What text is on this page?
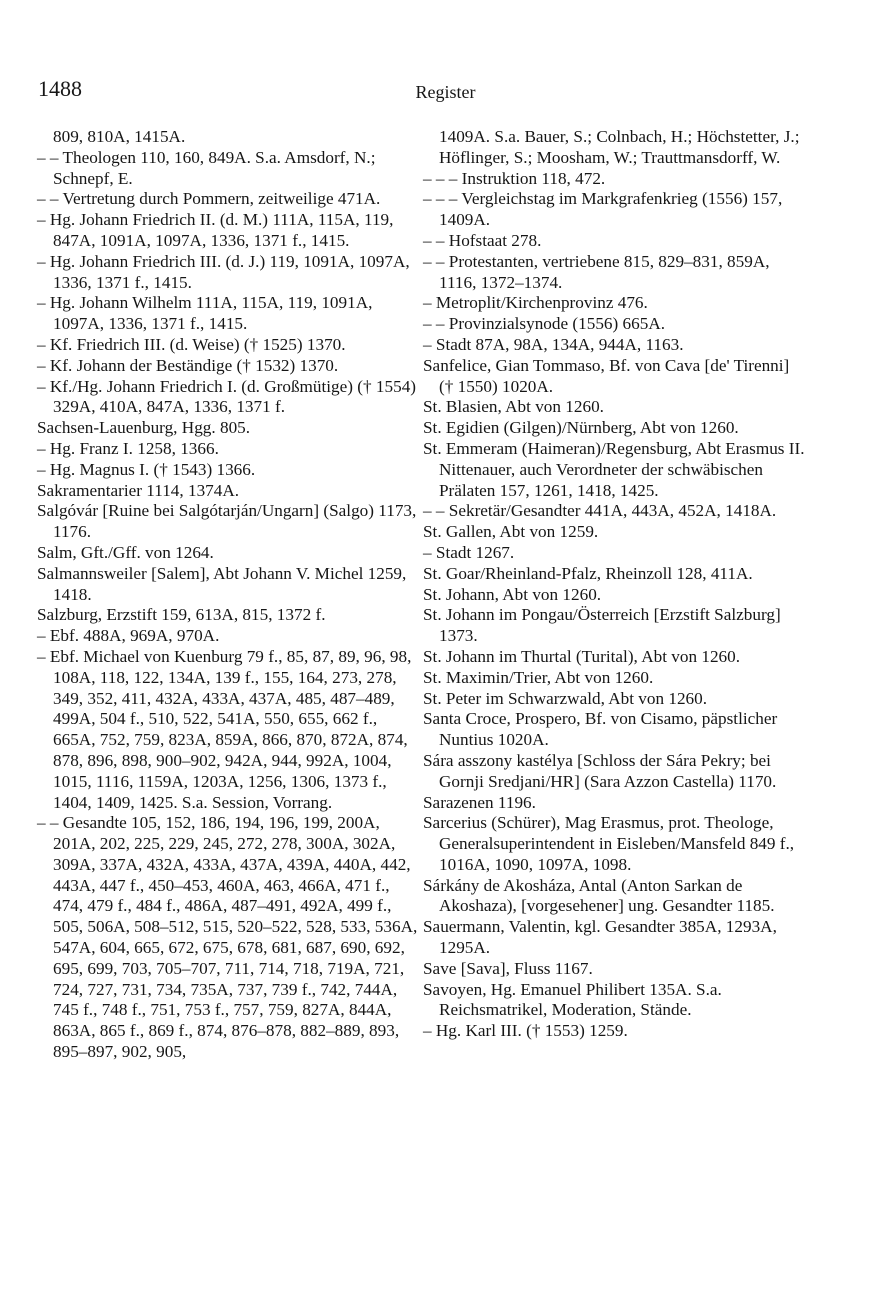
1488	Register

809, 810A, 1415A.

– – Theologen 110, 160, 849A. S.a. Amsdorf, N.; Schnepf, E.

– – Vertretung durch Pommern, zeitweilige 471A.

– Hg. Johann Friedrich II. (d. M.) 111A, 115A, 119, 847A, 1091A, 1097A, 1336, 1371 f., 1415.

– Hg. Johann Friedrich III. (d. J.) 119, 1091A, 1097A, 1336, 1371 f., 1415.

– Hg. Johann Wilhelm 111A, 115A, 119, 1091A, 1097A, 1336, 1371 f., 1415.

– Kf. Friedrich III. (d. Weise) († 1525) 1370.

– Kf. Johann der Beständige († 1532) 1370.

– Kf./Hg. Johann Friedrich I. (d. Großmütige) († 1554) 329A, 410A, 847A, 1336, 1371 f.

Sachsen-Lauenburg, Hgg. 805.

– Hg. Franz I. 1258, 1366.

– Hg. Magnus I. († 1543) 1366.

Sakramentarier 1114, 1374A.

Salgóvár [Ruine bei Salgótarján/Ungarn] (Salgo) 1173, 1176.

Salm, Gft./Gff. von 1264.

Salmannsweiler [Salem], Abt Johann V. Michel 1259, 1418.

Salzburg, Erzstift 159, 613A, 815, 1372 f.

– Ebf. 488A, 969A, 970A.

– Ebf. Michael von Kuenburg 79 f., 85, 87, 89, 96, 98, 108A, 118, 122, 134A, 139 f., 155, 164, 273, 278, 349, 352, 411, 432A, 433A, 437A, 485, 487–489, 499A, 504 f., 510, 522, 541A, 550, 655, 662 f., 665A, 752, 759, 823A, 859A, 866, 870, 872A, 874, 878, 896, 898, 900–902, 942A, 944, 992A, 1004, 1015, 1116, 1159A, 1203A, 1256, 1306, 1373 f., 1404, 1409, 1425. S.a. Session, Vorrang.

– – Gesandte 105, 152, 186, 194, 196, 199, 200A, 201A, 202, 225, 229, 245, 272, 278, 300A, 302A, 309A, 337A, 432A, 433A, 437A, 439A, 440A, 442, 443A, 447 f., 450–453, 460A, 463, 466A, 471 f., 474, 479 f., 484 f., 486A, 487–491, 492A, 499 f., 505, 506A, 508–512, 515, 520–522, 528, 533, 536A, 547A, 604, 665, 672, 675, 678, 681, 687, 690, 692, 695, 699, 703, 705–707, 711, 714, 718, 719A, 721, 724, 727, 731, 734, 735A, 737, 739 f., 742, 744A, 745 f., 748 f., 751, 753 f., 757, 759, 827A, 844A, 863A, 865 f., 869 f., 874, 876–878, 882–889, 893, 895–897, 902, 905,

1409A. S.a. Bauer, S.; Colnbach, H.; Höchstetter, J.; Höflinger, S.; Moosham, W.; Trauttmansdorff, W.

– – – Instruktion 118, 472.

– – – Vergleichstag im Markgrafenkrieg (1556) 157, 1409A.

– – Hofstaat 278.

– – Protestanten, vertriebene 815, 829–831, 859A, 1116, 1372–1374.

– Metroplit/Kirchenprovinz 476.

– – Provinzialsynode (1556) 665A.

– Stadt 87A, 98A, 134A, 944A, 1163.

Sanfelice, Gian Tommaso, Bf. von Cava [de' Tirenni] († 1550) 1020A.

St. Blasien, Abt von 1260.

St. Egidien (Gilgen)/Nürnberg, Abt von 1260.

St. Emmeram (Haimeran)/Regensburg, Abt Erasmus II. Nittenauer, auch Verordneter der schwäbischen Prälaten 157, 1261, 1418, 1425.

– – Sekretär/Gesandter 441A, 443A, 452A, 1418A.

St. Gallen, Abt von 1259.

– Stadt 1267.

St. Goar/Rheinland-Pfalz, Rheinzoll 128, 411A.

St. Johann, Abt von 1260.

St. Johann im Pongau/Österreich [Erzstift Salzburg] 1373.

St. Johann im Thurtal (Turital), Abt von 1260.

St. Maximin/Trier, Abt von 1260.

St. Peter im Schwarzwald, Abt von 1260.

Santa Croce, Prospero, Bf. von Cisamo, päpstlicher Nuntius 1020A.

Sára asszony kastélya [Schloss der Sára Pekry; bei Gornji Sredjani/HR] (Sara Azzon Castella) 1170.

Sarazenen 1196.

Sarcerius (Schürer), Mag Erasmus, prot. Theologe, Generalsuperintendent in Eisleben/Mansfeld 849 f., 1016A, 1090, 1097A, 1098.

Sárkány de Akosháza, Antal (Anton Sarkan de Akoshaza), [vorgesehener] ung. Gesandter 1185.

Sauermann, Valentin, kgl. Gesandter 385A, 1293A, 1295A.

Save [Sava], Fluss 1167.

Savoyen, Hg. Emanuel Philibert 135A. S.a. Reichsmatrikel, Moderation, Stände.

– Hg. Karl III. († 1553) 1259.
